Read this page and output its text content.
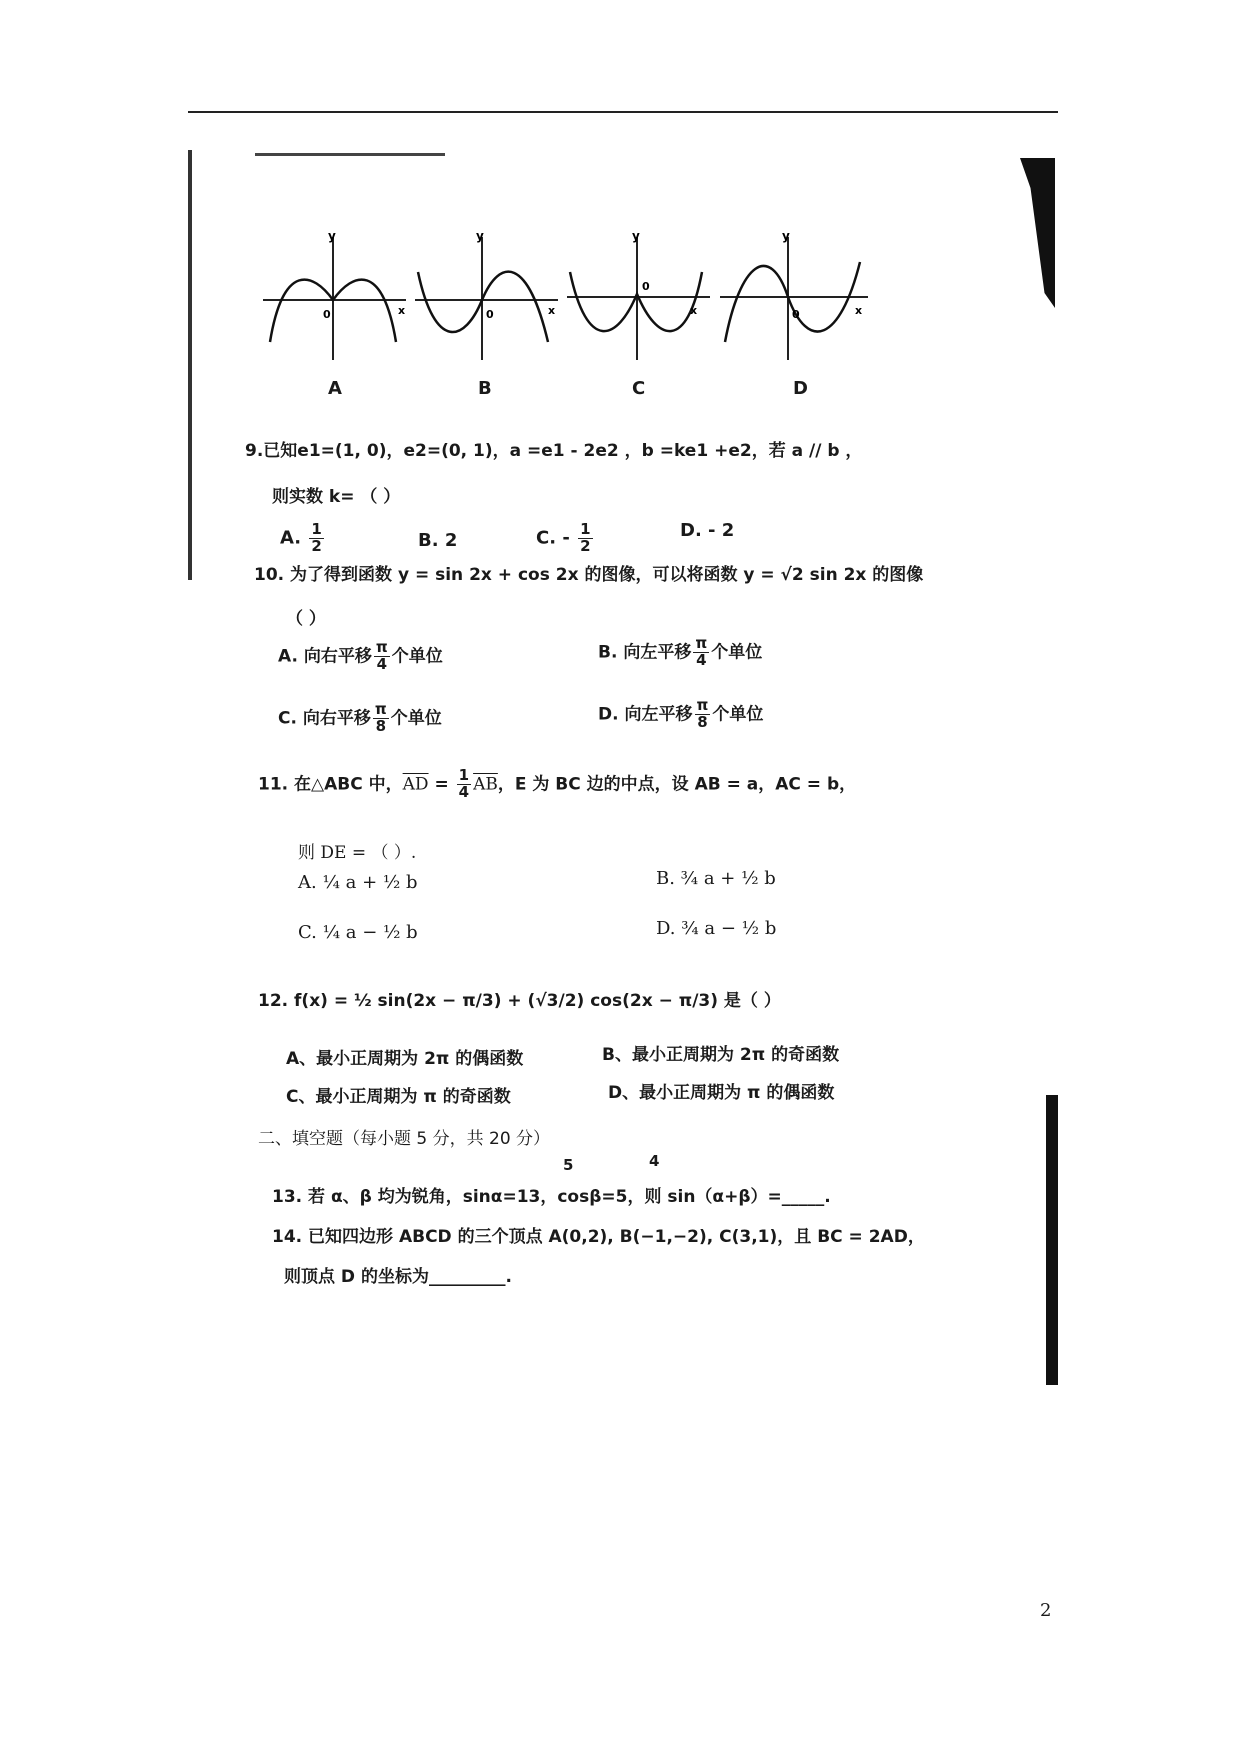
y
x
0
y
x
0
y
x
0
y
x
0
A	B	C	D
9.已知e1=(1, 0)，e2=(0, 1)，a =e1 - 2e2 ，b =ke1 +e2，若 a // b ，
则实数 k= （ ）
A. $\frac{1}{2}$	B. 2	C. - $\frac{1}{2}$	D. - 2
10. 为了得到函数 y = sin 2x + cos 2x 的图像，可以将函数 y = √2 sin 2x 的图像
（ ）
A. 向右平移 $\frac{\pi}{4}$ 个单位	B. 向左平移 $\frac{\pi}{4}$ 个单位
C. 向右平移 $\frac{\pi}{8}$ 个单位	D. 向左平移 $\frac{\pi}{8}$ 个单位
11. 在△ABC 中，$\overline{AD} = \frac{1}{4} \overline{AB}$，E 为 BC 边的中点，设 AB = a，AC = b，
则 DE = （ ）.
A. ¼ a + ½ b	B. ¾ a + ½ b
C. ¼ a − ½ b	D. ¾ a − ½ b
12. f(x) = ½ sin(2x − π/3) + (√3/2) cos(2x − π/3) 是（ ）
A、最小正周期为 2π 的偶函数	B、最小正周期为 2π 的奇函数
C、最小正周期为 π 的奇函数	D、最小正周期为 π 的偶函数
二、填空题（每小题 5 分，共 20 分）
5	4
13. 若 α、β 均为锐角，sinα=13，cosβ=5，则 sin（α+β）=_____.
14. 已知四边形 ABCD 的三个顶点 A(0,2), B(−1,−2), C(3,1)，且 BC = 2AD，
则顶点 D 的坐标为_________.
2
